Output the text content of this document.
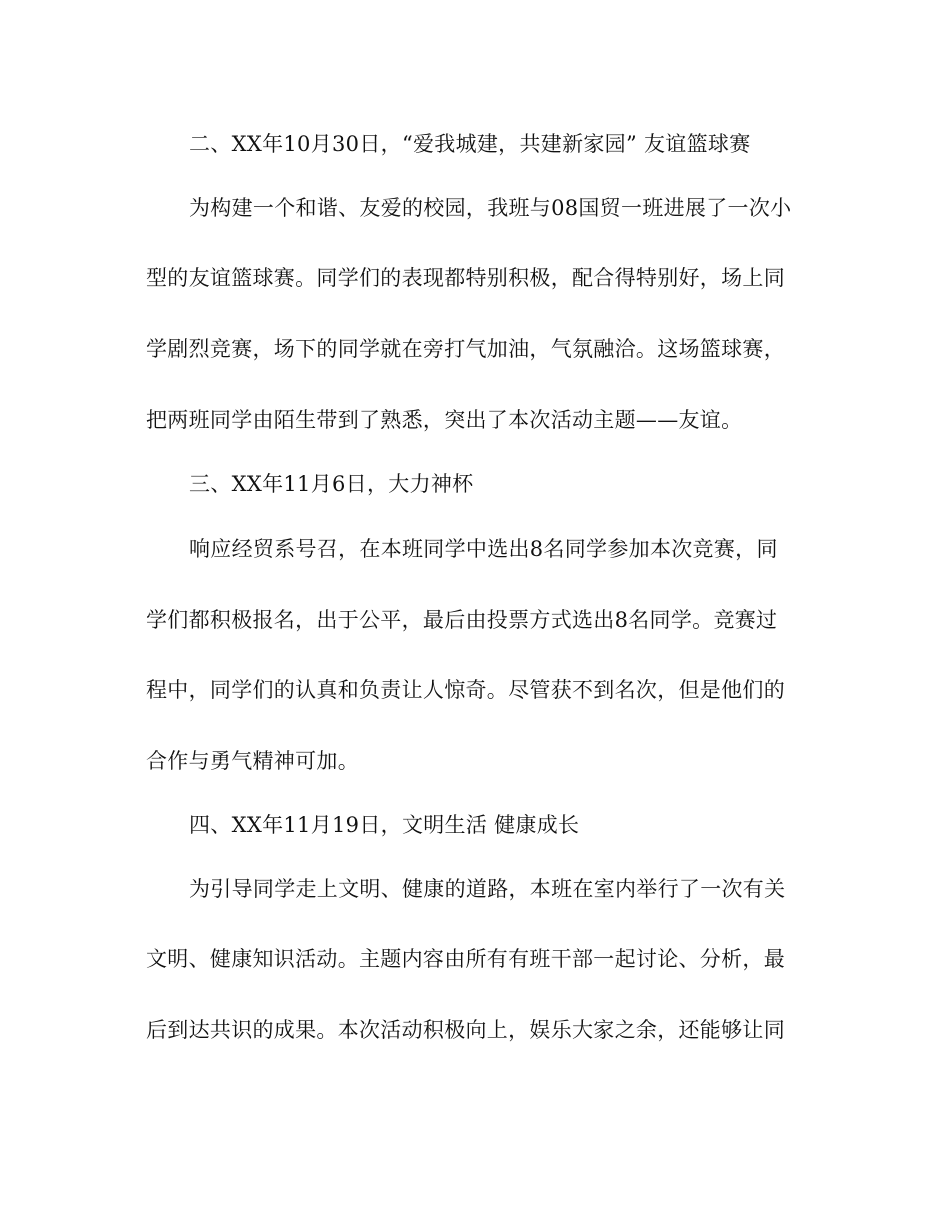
二、XX年10月30日，“爱我城建，共建新家园” 友谊篮球赛
为构建一个和谐、友爱的校园，我班与08国贸一班进展了一次小
型的友谊篮球赛。同学们的表现都特别积极，配合得特别好，场上同
学剧烈竞赛，场下的同学就在旁打气加油，气氛融洽。这场篮球赛，
把两班同学由陌生带到了熟悉，突出了本次活动主题——友谊。
三、XX年11月6日，大力神杯
响应经贸系号召，在本班同学中选出8名同学参加本次竞赛，同
学们都积极报名，出于公平，最后由投票方式选出8名同学。竞赛过
程中，同学们的认真和负责让人惊奇。尽管获不到名次，但是他们的
合作与勇气精神可加。
四、XX年11月19日，文明生活 健康成长
为引导同学走上文明、健康的道路，本班在室内举行了一次有关
文明、健康知识活动。主题内容由所有有班干部一起讨论、分析，最
后到达共识的成果。本次活动积极向上，娱乐大家之余，还能够让同
